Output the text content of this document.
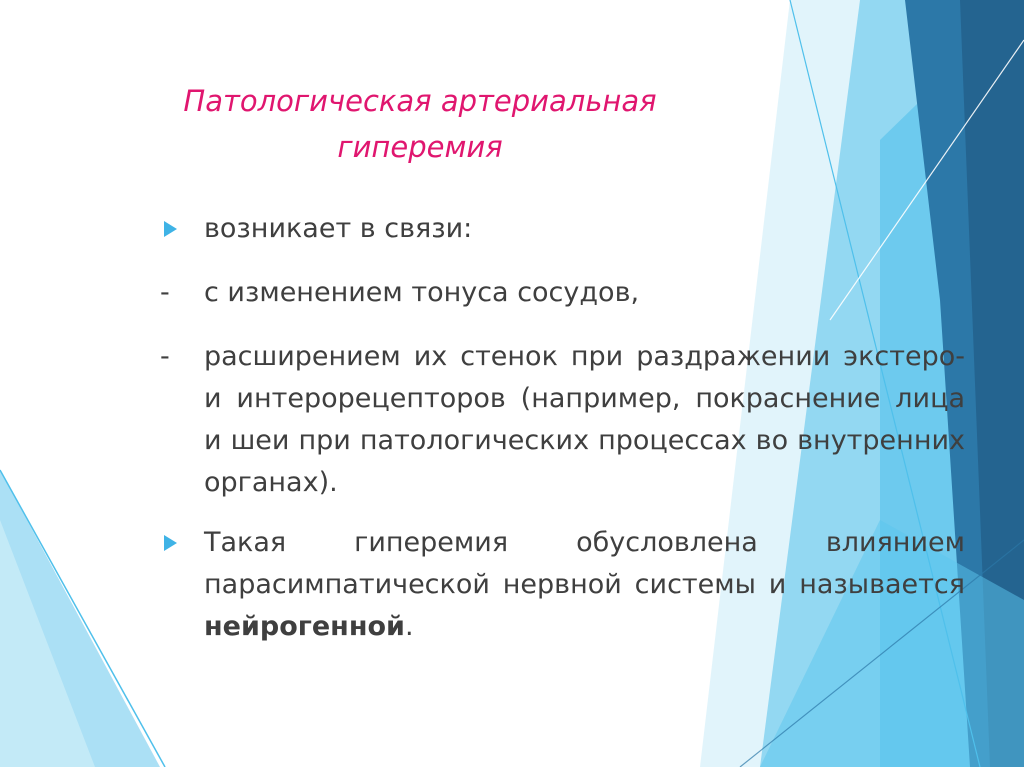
Патологическая артериальная
гиперемия
возникает в связи:
- с изменением тонуса сосудов,
- расширением их стенок при раздражении экстеро- и интерорецепторов (например, покраснение лица и шеи при патологических процессах во внутренних органах).
Такая гиперемия обусловлена влиянием парасимпатической нервной системы и называется нейрогенной.
